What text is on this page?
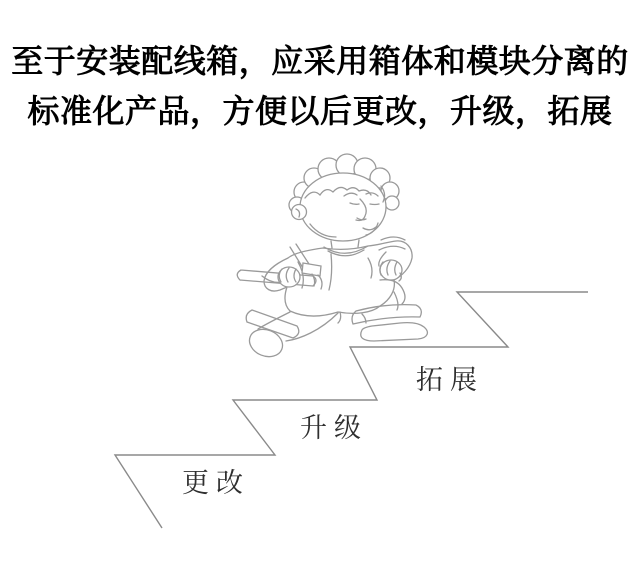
至于安装配线箱，应采用箱体和模块分离的
标准化产品，方便以后更改，升级，拓展
更改
升级
拓展
